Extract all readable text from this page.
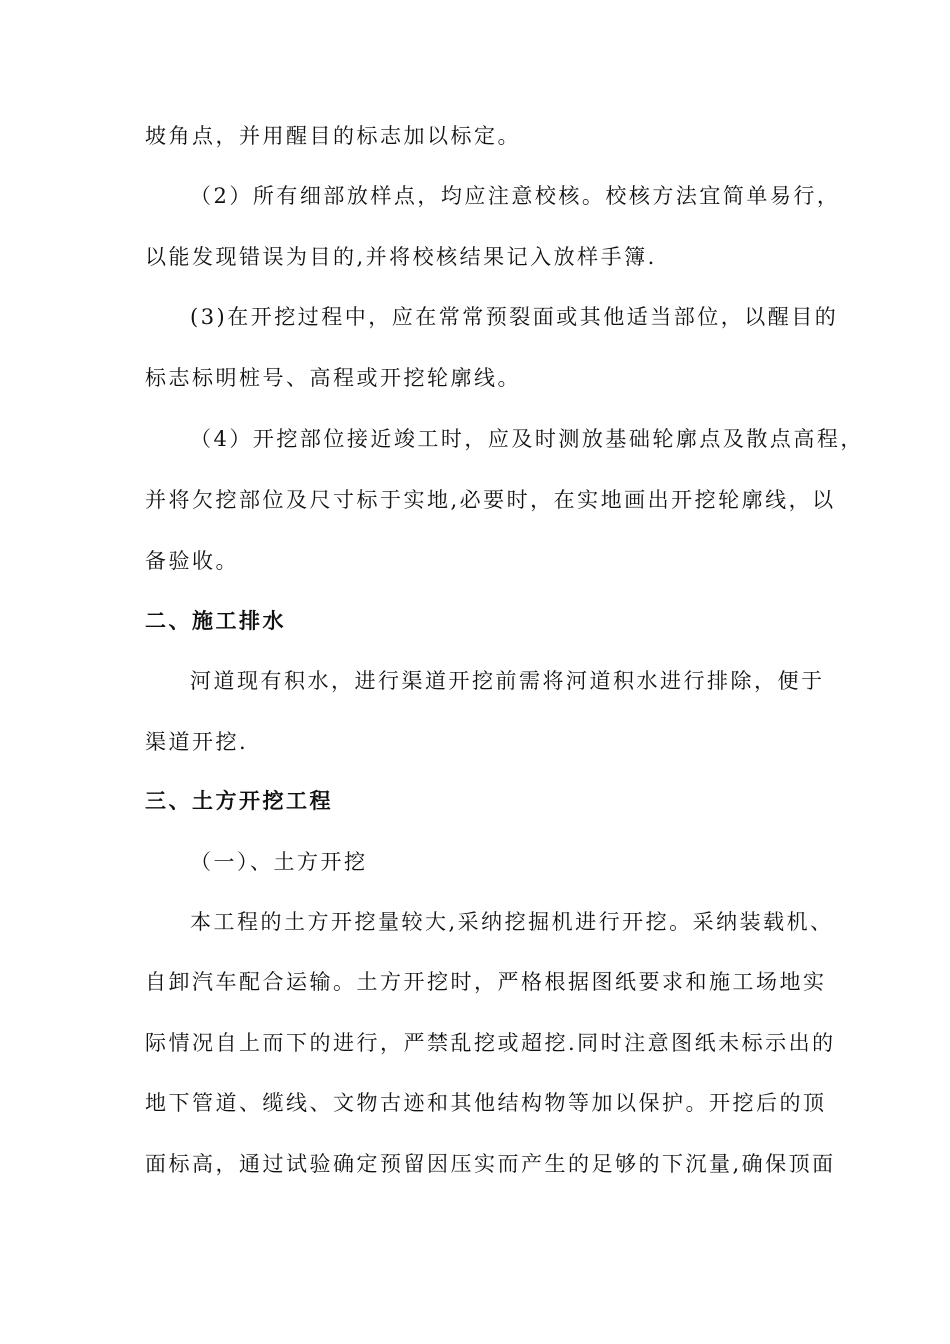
坡角点，并用醒目的标志加以标定。
（2）所有细部放样点，均应注意校核。校核方法宜简单易行，
以能发现错误为目的,并将校核结果记入放样手簿.
(3)在开挖过程中，应在常常预裂面或其他适当部位，以醒目的
标志标明桩号、高程或开挖轮廓线。
（4）开挖部位接近竣工时，应及时测放基础轮廓点及散点高程，
并将欠挖部位及尺寸标于实地,必要时，在实地画出开挖轮廓线，以
备验收。
二、施工排水
河道现有积水，进行渠道开挖前需将河道积水进行排除，便于
渠道开挖.
三、土方开挖工程
（一）、土方开挖
本工程的土方开挖量较大,采纳挖掘机进行开挖。采纳装载机、
自卸汽车配合运输。土方开挖时，严格根据图纸要求和施工场地实
际情况自上而下的进行，严禁乱挖或超挖.同时注意图纸未标示出的
地下管道、缆线、文物古迹和其他结构物等加以保护。开挖后的顶
面标高，通过试验确定预留因压实而产生的足够的下沉量,确保顶面
